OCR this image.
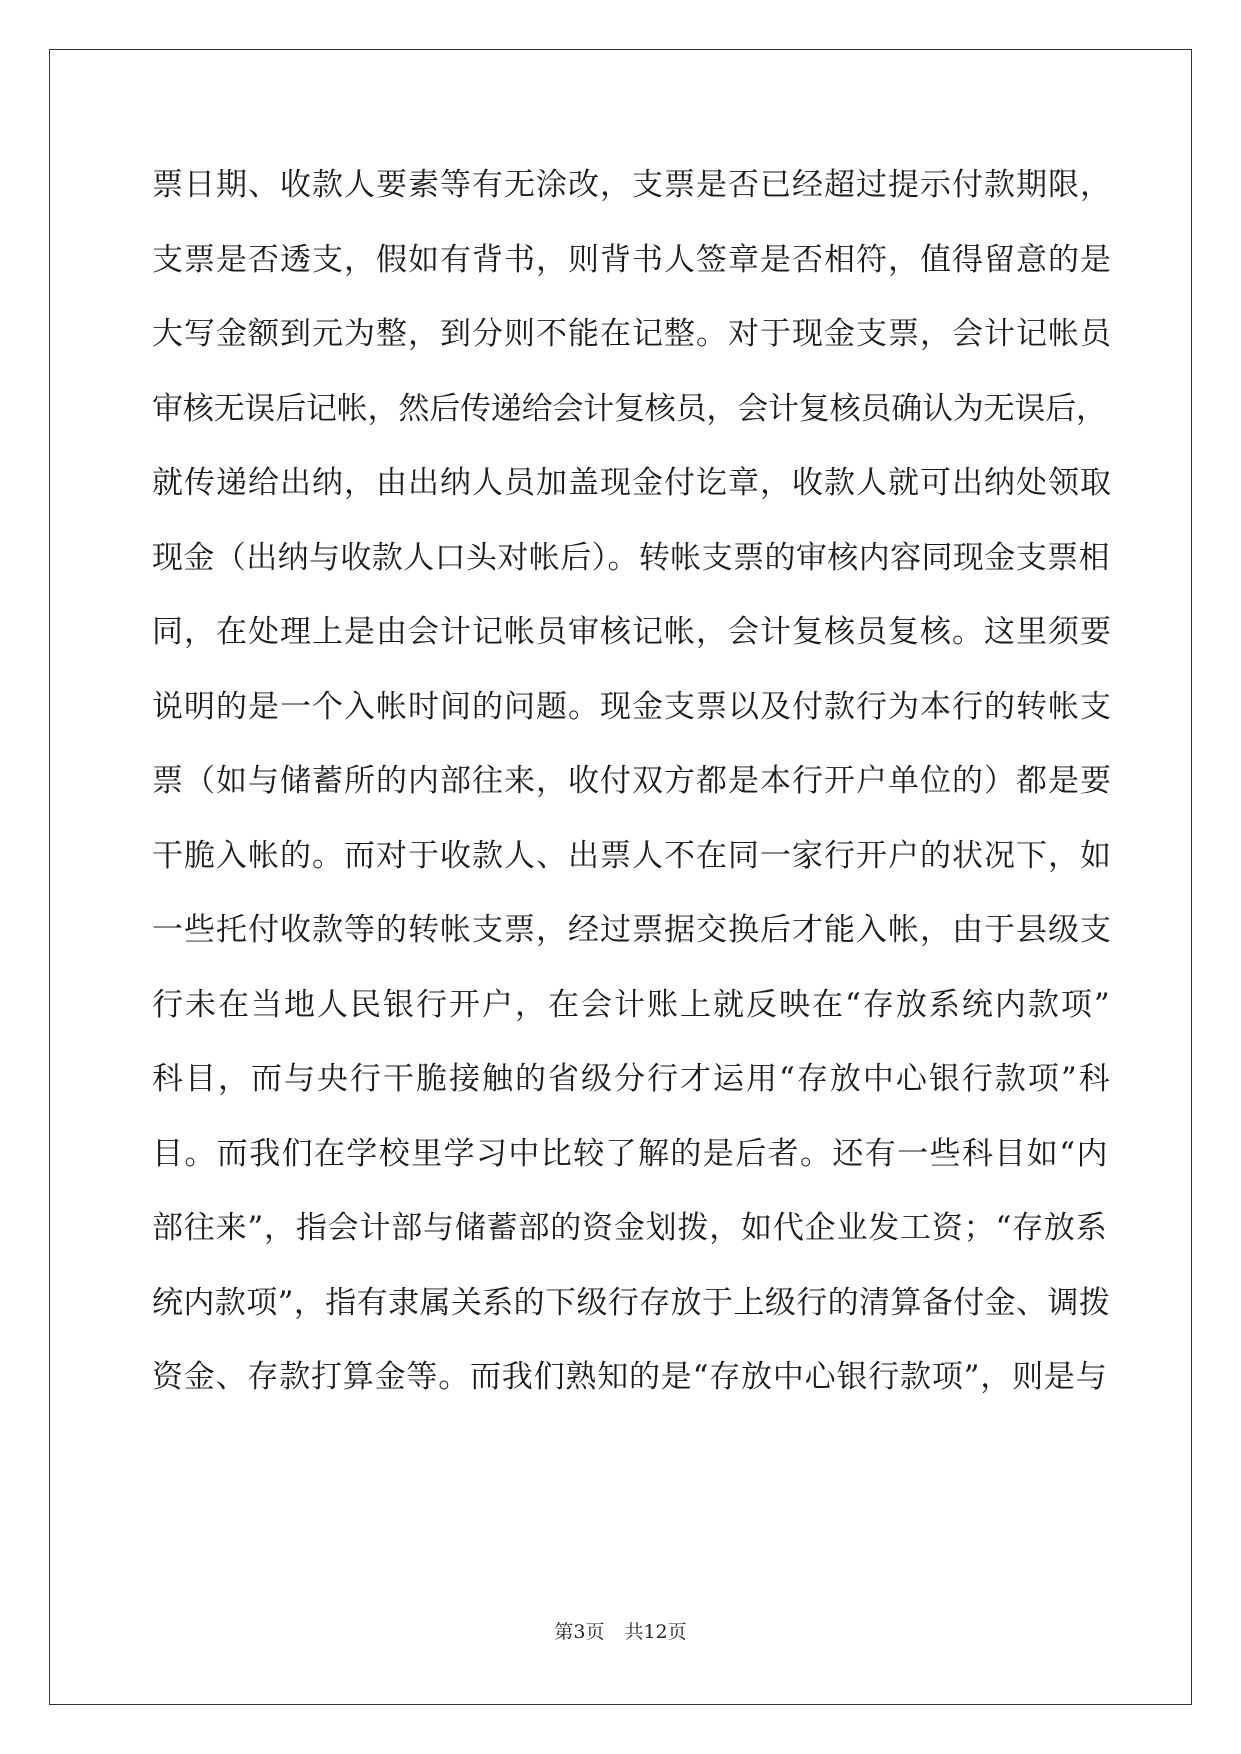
票日期、收款人要素等有无涂改，支票是否已经超过提示付款期限，
支票是否透支，假如有背书，则背书人签章是否相符，值得留意的是
大写金额到元为整，到分则不能在记整。对于现金支票，会计记帐员
审核无误后记帐，然后传递给会计复核员，会计复核员确认为无误后，
就传递给出纳，由出纳人员加盖现金付讫章，收款人就可出纳处领取
现金（出纳与收款人口头对帐后）。转帐支票的审核内容同现金支票相
同，在处理上是由会计记帐员审核记帐，会计复核员复核。这里须要
说明的是一个入帐时间的问题。现金支票以及付款行为本行的转帐支
票（如与储蓄所的内部往来，收付双方都是本行开户单位的）都是要
干脆入帐的。而对于收款人、出票人不在同一家行开户的状况下，如
一些托付收款等的转帐支票，经过票据交换后才能入帐，由于县级支
行未在当地人民银行开户，在会计账上就反映在“存放系统内款项”
科目，而与央行干脆接触的省级分行才运用“存放中心银行款项”科
目。而我们在学校里学习中比较了解的是后者。还有一些科目如“内
部往来”，指会计部与储蓄部的资金划拨，如代企业发工资；“存放系
统内款项”，指有隶属关系的下级行存放于上级行的清算备付金、调拨
资金、存款打算金等。而我们熟知的是“存放中心银行款项”，则是与
第3页 共12页
